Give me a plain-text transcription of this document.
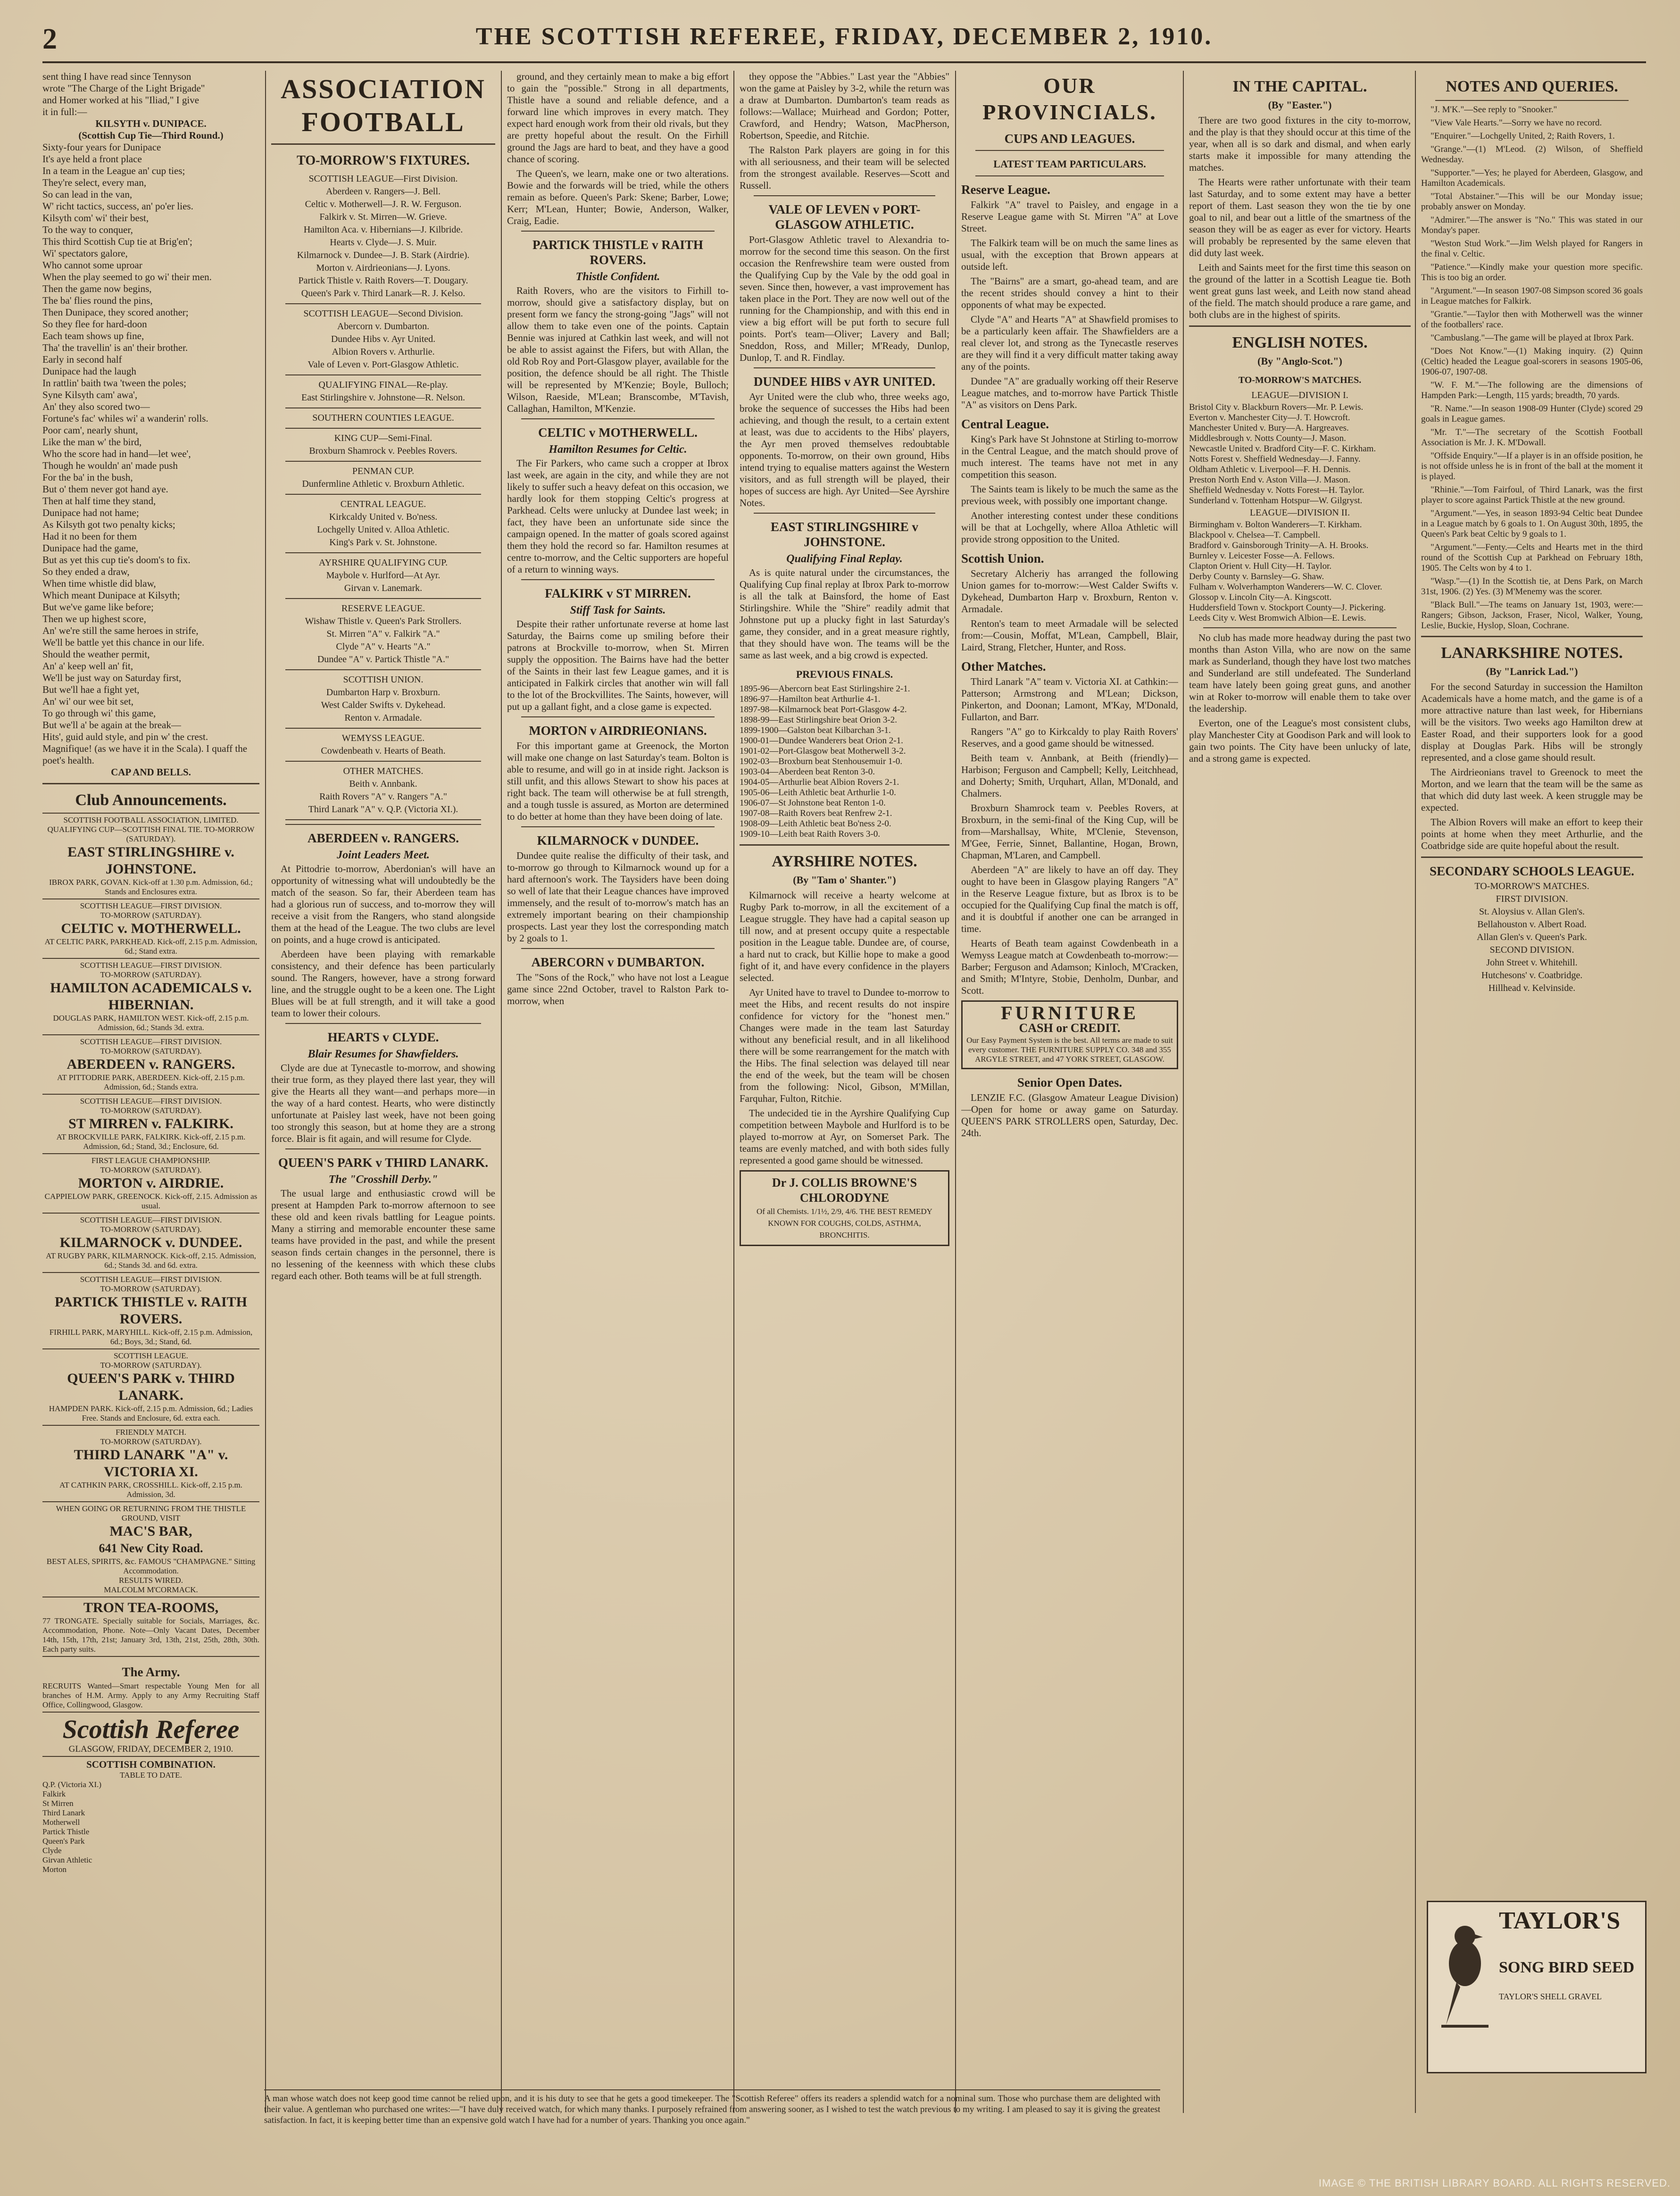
2	THE SCOTTISH REFEREE, FRIDAY, DECEMBER 2, 1910.

sent thing I have read since Tennyson

wrote "The Charge of the Light Brigade"

and Homer worked at his "Iliad," I give

it in full:—

KILSYTH v. DUNIPACE.

(Scottish Cup Tie—Third Round.)

Sixty-four years for Dunipace

It's aye held a front place

In a team in the League an' cup ties;

They're select, every man,

So can lead in the van,

W' richt tactics, success, an' po'er lies.

Kilsyth com' wi' their best,

To the way to conquer,

This third Scottish Cup tie at Brig'en';

Wi' spectators galore,

Who cannot some uproar

When the play seemed to go wi' their men.

Then the game now begins,

The ba' flies round the pins,

Then Dunipace, they scored another;

So they flee for hard-doon

Each team shows up fine,

Tha' the travellin' is an' their brother.

Early in second half

Dunipace had the laugh

In rattlin' baith twa 'tween the poles;

Syne Kilsyth cam' awa',

An' they also scored two—

Fortune's fac' whiles wi' a wanderin' rolls.

Poor cam', nearly shunt,

Like the man w' the bird,

Who the score had in hand—let wee',

Though he wouldn' an' made push

For the ba' in the bush,

But o' them never got hand aye.

Then at half time they stand,

Dunipace had not hame;

As Kilsyth got two penalty kicks;

Had it no been for them

Dunipace had the game,

But as yet this cup tie's doom's to fix.

So they ended a draw,

When time whistle did blaw,

Which meant Dunipace at Kilsyth;

But we've game like before;

Then we up highest score,

An' we're still the same heroes in strife,

We'll be battle yet this chance in our life.

Should the weather permit,

An' a' keep well an' fit,

We'll be just way on Saturday first,

But we'll hae a fight yet,

An' wi' our wee bit set,

To go through wi' this game,

But we'll a' be again at the break—

Hits', guid auld style, and pin w' the crest.

Magnifique! (as we have it in the Scala). I quaff the poet's health.

CAP AND BELLS.

Club Announcements.
SCOTTISH FOOTBALL ASSOCIATION, LIMITED.
QUALIFYING CUP—SCOTTISH FINAL TIE. TO-MORROW (SATURDAY).
EAST STIRLINGSHIRE v. JOHNSTONE.
IBROX PARK, GOVAN. Kick-off at 1.30 p.m. Admission, 6d.; Stands and Enclosures extra.
SCOTTISH LEAGUE—FIRST DIVISION.
TO-MORROW (SATURDAY).
CELTIC v. MOTHERWELL.
AT CELTIC PARK, PARKHEAD. Kick-off, 2.15 p.m. Admission, 6d.; Stand extra.
SCOTTISH LEAGUE—FIRST DIVISION.
TO-MORROW (SATURDAY).
HAMILTON ACADEMICALS v. HIBERNIAN.
DOUGLAS PARK, HAMILTON WEST. Kick-off, 2.15 p.m. Admission, 6d.; Stands 3d. extra.
SCOTTISH LEAGUE—FIRST DIVISION.
TO-MORROW (SATURDAY).
ABERDEEN v. RANGERS.
AT PITTODRIE PARK, ABERDEEN. Kick-off, 2.15 p.m. Admission, 6d.; Stands extra.
SCOTTISH LEAGUE—FIRST DIVISION.
TO-MORROW (SATURDAY).
ST MIRREN v. FALKIRK.
AT BROCKVILLE PARK, FALKIRK. Kick-off, 2.15 p.m. Admission, 6d.; Stand, 3d.; Enclosure, 6d.
FIRST LEAGUE CHAMPIONSHIP.
TO-MORROW (SATURDAY).
MORTON v. AIRDRIE.
CAPPIELOW PARK, GREENOCK. Kick-off, 2.15. Admission as usual.
SCOTTISH LEAGUE—FIRST DIVISION.
TO-MORROW (SATURDAY).
KILMARNOCK v. DUNDEE.
AT RUGBY PARK, KILMARNOCK. Kick-off, 2.15. Admission, 6d.; Stands 3d. and 6d. extra.
SCOTTISH LEAGUE—FIRST DIVISION.
TO-MORROW (SATURDAY).
PARTICK THISTLE v. RAITH ROVERS.
FIRHILL PARK, MARYHILL. Kick-off, 2.15 p.m. Admission, 6d.; Boys, 3d.; Stand, 6d.
SCOTTISH LEAGUE.
TO-MORROW (SATURDAY).
QUEEN'S PARK v. THIRD LANARK.
HAMPDEN PARK. Kick-off, 2.15 p.m. Admission, 6d.; Ladies Free. Stands and Enclosure, 6d. extra each.
FRIENDLY MATCH.
TO-MORROW (SATURDAY).
THIRD LANARK "A" v. VICTORIA XI.
AT CATHKIN PARK, CROSSHILL. Kick-off, 2.15 p.m. Admission, 3d.
WHEN GOING OR RETURNING FROM THE THISTLE GROUND, VISIT
MAC'S BAR,
641 New City Road.
BEST ALES, SPIRITS, &c. FAMOUS "CHAMPAGNE." Sitting Accommodation.
RESULTS WIRED.
MALCOLM M'CORMACK.
TRON TEA-ROOMS,
77 TRONGATE. Specially suitable for Socials, Marriages, &c. Accommodation, Phone. Note—Only Vacant Dates, December 14th, 15th, 17th, 21st; January 3rd, 13th, 21st, 25th, 28th, 30th. Each party suits.
The Army.
RECRUITS Wanted—Smart respectable Young Men for all branches of H.M. Army. Apply to any Army Recruiting Staff Office, Collingwood, Glasgow.
Scottish Referee
GLASGOW, FRIDAY, DECEMBER 2, 1910.
SCOTTISH COMBINATION.
TABLE TO DATE.
Q.P. (Victoria XI.)
Falkirk
St Mirren
Third Lanark
Motherwell
Partick Thistle
Queen's Park
Clyde
Girvan Athletic
Morton
ASSOCIATION FOOTBALL
TO-MORROW'S FIXTURES.
SCOTTISH LEAGUE—First Division.
Aberdeen v. Rangers—J. Bell.
Celtic v. Motherwell—J. R. W. Ferguson.
Falkirk v. St. Mirren—W. Grieve.
Hamilton Aca. v. Hibernians—J. Kilbride.
Hearts v. Clyde—J. S. Muir.
Kilmarnock v. Dundee—J. B. Stark (Airdrie).
Morton v. Airdrieonians—J. Lyons.
Partick Thistle v. Raith Rovers—T. Dougary.
Queen's Park v. Third Lanark—R. J. Kelso.
SCOTTISH LEAGUE—Second Division.
Abercorn v. Dumbarton.
Dundee Hibs v. Ayr United.
Albion Rovers v. Arthurlie.
Vale of Leven v. Port-Glasgow Athletic.
QUALIFYING FINAL—Re-play.
East Stirlingshire v. Johnstone—R. Nelson.
SOUTHERN COUNTIES LEAGUE.
KING CUP—Semi-Final.
Broxburn Shamrock v. Peebles Rovers.
PENMAN CUP.
Dunfermline Athletic v. Broxburn Athletic.
CENTRAL LEAGUE.
Kirkcaldy United v. Bo'ness.
Lochgelly United v. Alloa Athletic.
King's Park v. St. Johnstone.
AYRSHIRE QUALIFYING CUP.
Maybole v. Hurlford—At Ayr.
Girvan v. Lanemark.
RESERVE LEAGUE.
Wishaw Thistle v. Queen's Park Strollers.
St. Mirren "A" v. Falkirk "A."
Clyde "A" v. Hearts "A."
Dundee "A" v. Partick Thistle "A."
SCOTTISH UNION.
Dumbarton Harp v. Broxburn.
West Calder Swifts v. Dykehead.
Renton v. Armadale.
WEMYSS LEAGUE.
Cowdenbeath v. Hearts of Beath.
OTHER MATCHES.
Beith v. Annbank.
Raith Rovers "A" v. Rangers "A."
Third Lanark "A" v. Q.P. (Victoria XI.).
ABERDEEN v. RANGERS.
Joint Leaders Meet.

At Pittodrie to-morrow, Aberdonian's will have an opportunity of witnessing what will undoubtedly be the match of the season. So far, their Aberdeen team has had a glorious run of success, and to-morrow they will receive a visit from the Rangers, who stand alongside them at the head of the League. The two clubs are level on points, and a huge crowd is anticipated.

Aberdeen have been playing with remarkable consistency, and their defence has been particularly sound. The Rangers, however, have a strong forward line, and the struggle ought to be a keen one. The Light Blues will be at full strength, and it will take a good team to lower their colours.

HEARTS v CLYDE.
Blair Resumes for Shawfielders.

Clyde are due at Tynecastle to-morrow, and showing their true form, as they played there last year, they will give the Hearts all they want—and perhaps more—in the way of a hard contest. Hearts, who were distinctly unfortunate at Paisley last week, have not been going too strongly this season, but at home they are a strong force. Blair is fit again, and will resume for Clyde.

QUEEN'S PARK v THIRD LANARK.
The "Crosshill Derby."

The usual large and enthusiastic crowd will be present at Hampden Park to-morrow afternoon to see these old and keen rivals battling for League points. Many a stirring and memorable encounter these same teams have provided in the past, and while the present season finds certain changes in the personnel, there is no lessening of the keenness with which these clubs regard each other. Both teams will be at full strength.

ground, and they certainly mean to make a big effort to gain the "possible." Strong in all departments, Thistle have a sound and reliable defence, and a forward line which improves in every match. They expect hard enough work from their old rivals, but they are pretty hopeful about the result. On the Firhill ground the Jags are hard to beat, and they have a good chance of scoring.

The Queen's, we learn, make one or two alterations. Bowie and the forwards will be tried, while the others remain as before. Queen's Park: Skene; Barber, Lowe; Kerr; M'Lean, Hunter; Bowie, Anderson, Walker, Craig, Eadie.

PARTICK THISTLE v RAITH ROVERS.
Thistle Confident.

Raith Rovers, who are the visitors to Firhill to-morrow, should give a satisfactory display, but on present form we fancy the strong-going "Jags" will not allow them to take even one of the points. Captain Bennie was injured at Cathkin last week, and will not be able to assist against the Fifers, but with Allan, the old Rob Roy and Port-Glasgow player, available for the position, the defence should be all right. The Thistle will be represented by M'Kenzie; Boyle, Bulloch; Wilson, Raeside, M'Lean; Branscombe, M'Tavish, Callaghan, Hamilton, M'Kenzie.

CELTIC v MOTHERWELL.
Hamilton Resumes for Celtic.

The Fir Parkers, who came such a cropper at Ibrox last week, are again in the city, and while they are not likely to suffer such a heavy defeat on this occasion, we hardly look for them stopping Celtic's progress at Parkhead. Celts were unlucky at Dundee last week; in fact, they have been an unfortunate side since the campaign opened. In the matter of goals scored against them they hold the record so far. Hamilton resumes at centre to-morrow, and the Celtic supporters are hopeful of a return to winning ways.

FALKIRK v ST MIRREN.
Stiff Task for Saints.

Despite their rather unfortunate reverse at home last Saturday, the Bairns come up smiling before their patrons at Brockville to-morrow, when St. Mirren supply the opposition. The Bairns have had the better of the Saints in their last few League games, and it is anticipated in Falkirk circles that another win will fall to the lot of the Brockvillites. The Saints, however, will put up a gallant fight, and a close game is expected.

MORTON v AIRDRIEONIANS.

For this important game at Greenock, the Morton will make one change on last Saturday's team. Bolton is able to resume, and will go in at inside right. Jackson is still unfit, and this allows Stewart to show his paces at right back. The team will otherwise be at full strength, and a tough tussle is assured, as Morton are determined to do better at home than they have been doing of late.

KILMARNOCK v DUNDEE.

Dundee quite realise the difficulty of their task, and to-morrow go through to Kilmarnock wound up for a hard afternoon's work. The Taysiders have been doing so well of late that their League chances have improved immensely, and the result of to-morrow's match has an extremely important bearing on their championship prospects. Last year they lost the corresponding match by 2 goals to 1.

ABERCORN v DUMBARTON.

The "Sons of the Rock," who have not lost a League game since 22nd October, travel to Ralston Park to-morrow, when

they oppose the "Abbies." Last year the "Abbies" won the game at Paisley by 3-2, while the return was a draw at Dumbarton. Dumbarton's team reads as follows:—Wallace; Muirhead and Gordon; Potter, Crawford, and Hendry; Watson, MacPherson, Robertson, Speedie, and Ritchie.

The Ralston Park players are going in for this with all seriousness, and their team will be selected from the strongest available. Reserves—Scott and Russell.

VALE OF LEVEN v PORT-GLASGOW ATHLETIC.

Port-Glasgow Athletic travel to Alexandria to-morrow for the second time this season. On the first occasion the Renfrewshire team were ousted from the Qualifying Cup by the Vale by the odd goal in seven. Since then, however, a vast improvement has taken place in the Port. They are now well out of the running for the Championship, and with this end in view a big effort will be put forth to secure full points. Port's team—Oliver; Lavery and Ball; Sneddon, Ross, and Miller; M'Ready, Dunlop, Dunlop, T. and R. Findlay.

DUNDEE HIBS v AYR UNITED.

Ayr United were the club who, three weeks ago, broke the sequence of successes the Hibs had been achieving, and though the result, to a certain extent at least, was due to accidents to the Hibs' players, the Ayr men proved themselves redoubtable opponents. To-morrow, on their own ground, Hibs intend trying to equalise matters against the Western visitors, and as full strength will be played, their hopes of success are high. Ayr United—See Ayrshire Notes.

EAST STIRLINGSHIRE v JOHNSTONE.
Qualifying Final Replay.

As is quite natural under the circumstances, the Qualifying Cup final replay at Ibrox Park to-morrow is all the talk at Bainsford, the home of East Stirlingshire. While the "Shire" readily admit that Johnstone put up a plucky fight in last Saturday's game, they consider, and in a great measure rightly, that they should have won. The teams will be the same as last week, and a big crowd is expected.

PREVIOUS FINALS.
1895-96—Abercorn beat East Stirlingshire 2-1.
1896-97—Hamilton beat Arthurlie 4-1.
1897-98—Kilmarnock beat Port-Glasgow 4-2.
1898-99—East Stirlingshire beat Orion 3-2.
1899-1900—Galston beat Kilbarchan 3-1.
1900-01—Dundee Wanderers beat Orion 2-1.
1901-02—Port-Glasgow beat Motherwell 3-2.
1902-03—Broxburn beat Stenhousemuir 1-0.
1903-04—Aberdeen beat Renton 3-0.
1904-05—Arthurlie beat Albion Rovers 2-1.
1905-06—Leith Athletic beat Arthurlie 1-0.
1906-07—St Johnstone beat Renton 1-0.
1907-08—Raith Rovers beat Renfrew 2-1.
1908-09—Leith Athletic beat Bo'ness 2-0.
1909-10—Leith beat Raith Rovers 3-0.
AYRSHIRE NOTES.
(By "Tam o' Shanter.")

Kilmarnock will receive a hearty welcome at Rugby Park to-morrow, in all the excitement of a League struggle. They have had a capital season up till now, and at present occupy quite a respectable position in the League table. Dundee are, of course, a hard nut to crack, but Killie hope to make a good fight of it, and have every confidence in the players selected.

Ayr United have to travel to Dundee to-morrow to meet the Hibs, and recent results do not inspire confidence for victory for the "honest men." Changes were made in the team last Saturday without any beneficial result, and in all likelihood there will be some rearrangement for the match with the Hibs. The final selection was delayed till near the end of the week, but the team will be chosen from the following: Nicol, Gibson, M'Millan, Farquhar, Fulton, Ritchie.

The undecided tie in the Ayrshire Qualifying Cup competition between Maybole and Hurlford is to be played to-morrow at Ayr, on Somerset Park. The teams are evenly matched, and with both sides fully represented a good game should be witnessed.

Dr J. COLLIS BROWNE'S CHLORODYNE
Of all Chemists. 1/1½, 2/9, 4/6. THE BEST REMEDY KNOWN FOR COUGHS, COLDS, ASTHMA, BRONCHITIS.
OUR PROVINCIALS.
CUPS AND LEAGUES.
LATEST TEAM PARTICULARS.
Reserve League.

Falkirk "A" travel to Paisley, and engage in a Reserve League game with St. Mirren "A" at Love Street.

The Falkirk team will be on much the same lines as usual, with the exception that Brown appears at outside left.

The "Bairns" are a smart, go-ahead team, and are the recent strides should convey a hint to their opponents of what may be expected.

Clyde "A" and Hearts "A" at Shawfield promises to be a particularly keen affair. The Shawfielders are a real clever lot, and strong as the Tynecastle reserves are they will find it a very difficult matter taking away any of the points.

Dundee "A" are gradually working off their Reserve League matches, and to-morrow have Partick Thistle "A" as visitors on Dens Park.

Central League.

King's Park have St Johnstone at Stirling to-morrow in the Central League, and the match should prove of much interest. The teams have not met in any competition this season.

The Saints team is likely to be much the same as the previous week, with possibly one important change.

Another interesting contest under these conditions will be that at Lochgelly, where Alloa Athletic will provide strong opposition to the United.

Scottish Union.

Secretary Alcheriy has arranged the following Union games for to-morrow:—West Calder Swifts v. Dykehead, Dumbarton Harp v. Broxburn, Renton v. Armadale.

Renton's team to meet Armadale will be selected from:—Cousin, Moffat, M'Lean, Campbell, Blair, Laird, Strang, Fletcher, Hunter, and Ross.

Other Matches.

Third Lanark "A" team v. Victoria XI. at Cathkin:—Patterson; Armstrong and M'Lean; Dickson, Pinkerton, and Doonan; Lamont, M'Kay, M'Donald, Fullarton, and Barr.

Rangers "A" go to Kirkcaldy to play Raith Rovers' Reserves, and a good game should be witnessed.

Beith team v. Annbank, at Beith (friendly)—Harbison; Ferguson and Campbell; Kelly, Leitchhead, and Doherty; Smith, Urquhart, Allan, M'Donald, and Chalmers.

Broxburn Shamrock team v. Peebles Rovers, at Broxburn, in the semi-final of the King Cup, will be from—Marshallsay, White, M'Clenie, Stevenson, M'Gee, Ferrie, Sinnet, Ballantine, Hogan, Brown, Chapman, M'Laren, and Campbell.

Aberdeen "A" are likely to have an off day. They ought to have been in Glasgow playing Rangers "A" in the Reserve League fixture, but as Ibrox is to be occupied for the Qualifying Cup final the match is off, and it is doubtful if another one can be arranged in time.

Hearts of Beath team against Cowdenbeath in a Wemyss League match at Cowdenbeath to-morrow:—Barber; Ferguson and Adamson; Kinloch, M'Cracken, and Smith; M'Intyre, Stobie, Denholm, Dunbar, and Scott.

FURNITURE
CASH or CREDIT.
Our Easy Payment System is the best. All terms are made to suit every customer. THE FURNITURE SUPPLY CO. 348 and 355 ARGYLE STREET, and 47 YORK STREET, GLASGOW.
Senior Open Dates.

LENZIE F.C. (Glasgow Amateur League Division)—Open for home or away game on Saturday. QUEEN'S PARK STROLLERS open, Saturday, Dec. 24th.

IN THE CAPITAL.
(By "Easter.")

There are two good fixtures in the city to-morrow, and the play is that they should occur at this time of the year, when all is so dark and dismal, and when early starts make it impossible for many attending the matches.

The Hearts were rather unfortunate with their team last Saturday, and to some extent may have a better report of them. Last season they won the tie by one goal to nil, and bear out a little of the smartness of the season they will be as eager as ever for victory. Hearts will probably be represented by the same eleven that did duty last week.

Leith and Saints meet for the first time this season on the ground of the latter in a Scottish League tie. Both went great guns last week, and Leith now stand ahead of the field. The match should produce a rare game, and both clubs are in the highest of spirits.

ENGLISH NOTES.
(By "Anglo-Scot.")
TO-MORROW'S MATCHES.
LEAGUE—DIVISION I.
Bristol City v. Blackburn Rovers—Mr. P. Lewis.
Everton v. Manchester City—J. T. Howcroft.
Manchester United v. Bury—A. Hargreaves.
Middlesbrough v. Notts County—J. Mason.
Newcastle United v. Bradford City—F. C. Kirkham.
Notts Forest v. Sheffield Wednesday—J. Fanny.
Oldham Athletic v. Liverpool—F. H. Dennis.
Preston North End v. Aston Villa—J. Mason.
Sheffield Wednesday v. Notts Forest—H. Taylor.
Sunderland v. Tottenham Hotspur—W. Gilgryst.
LEAGUE—DIVISION II.
Birmingham v. Bolton Wanderers—T. Kirkham.
Blackpool v. Chelsea—T. Campbell.
Bradford v. Gainsborough Trinity—A. H. Brooks.
Burnley v. Leicester Fosse—A. Fellows.
Clapton Orient v. Hull City—H. Taylor.
Derby County v. Barnsley—G. Shaw.
Fulham v. Wolverhampton Wanderers—W. C. Clover.
Glossop v. Lincoln City—A. Kingscott.
Huddersfield Town v. Stockport County—J. Pickering.
Leeds City v. West Bromwich Albion—E. Lewis.

No club has made more headway during the past two months than Aston Villa, who are now on the same mark as Sunderland, though they have lost two matches and Sunderland are still undefeated. The Sunderland team have lately been going great guns, and another win at Roker to-morrow will enable them to take over the leadership.

Everton, one of the League's most consistent clubs, play Manchester City at Goodison Park and will look to gain two points. The City have been unlucky of late, and a strong game is expected.

NOTES AND QUERIES.

"J. M'K."—See reply to "Snooker."

"View Vale Hearts."—Sorry we have no record.

"Enquirer."—Lochgelly United, 2; Raith Rovers, 1.

"Grange."—(1) M'Leod. (2) Wilson, of Sheffield Wednesday.

"Supporter."—Yes; he played for Aberdeen, Glasgow, and Hamilton Academicals.

"Total Abstainer."—This will be our Monday issue; probably answer on Monday.

"Admirer."—The answer is "No." This was stated in our Monday's paper.

"Weston Stud Work."—Jim Welsh played for Rangers in the final v. Celtic.

"Patience."—Kindly make your question more specific. This is too big an order.

"Argument."—In season 1907-08 Simpson scored 36 goals in League matches for Falkirk.

"Grantie."—Taylor then with Motherwell was the winner of the footballers' race.

"Cambuslang."—The game will be played at Ibrox Park.

"Does Not Know."—(1) Making inquiry. (2) Quinn (Celtic) headed the League goal-scorers in seasons 1905-06, 1906-07, 1907-08.

"W. F. M."—The following are the dimensions of Hampden Park:—Length, 115 yards; breadth, 70 yards.

"R. Name."—In season 1908-09 Hunter (Clyde) scored 29 goals in League games.

"Mr. T."—The secretary of the Scottish Football Association is Mr. J. K. M'Dowall.

"Offside Enquiry."—If a player is in an offside position, he is not offside unless he is in front of the ball at the moment it is played.

"Rhinie."—Tom Fairfoul, of Third Lanark, was the first player to score against Partick Thistle at the new ground.

"Argument."—Yes, in season 1893-94 Celtic beat Dundee in a League match by 6 goals to 1. On August 30th, 1895, the Queen's Park beat Celtic by 9 goals to 1.

"Argument."—Fenty.—Celts and Hearts met in the third round of the Scottish Cup at Parkhead on February 18th, 1905. The Celts won by 4 to 1.

"Wasp."—(1) In the Scottish tie, at Dens Park, on March 31st, 1906. (2) Yes. (3) M'Menemy was the scorer.

"Black Bull."—The teams on January 1st, 1903, were:—Rangers; Gibson, Jackson, Fraser, Nicol, Walker, Young, Leslie, Buckie, Hyslop, Sloan, Cochrane.

LANARKSHIRE NOTES.
(By "Lanrick Lad.")

For the second Saturday in succession the Hamilton Academicals have a home match, and the game is of a more attractive nature than last week, for Hibernians will be the visitors. Two weeks ago Hamilton drew at Easter Road, and their supporters look for a good display at Douglas Park. Hibs will be strongly represented, and a close game should result.

The Airdrieonians travel to Greenock to meet the Morton, and we learn that the team will be the same as that which did duty last week. A keen struggle may be expected.

The Albion Rovers will make an effort to keep their points at home when they meet Arthurlie, and the Coatbridge side are quite hopeful about the result.

SECONDARY SCHOOLS LEAGUE.
TO-MORROW'S MATCHES.
FIRST DIVISION.
St. Aloysius v. Allan Glen's.
Bellahouston v. Albert Road.
Allan Glen's v. Queen's Park.
SECOND DIVISION.
John Street v. Whitehill.
Hutchesons' v. Coatbridge.
Hillhead v. Kelvinside.
TAYLOR'S
SONG BIRD SEED
TAYLOR'S SHELL GRAVEL
A man whose watch does not keep good time cannot be relied upon, and it is his duty to see that he gets a good timekeeper. The "Scottish Referee" offers its readers a splendid watch for a nominal sum. Those who purchase them are delighted with their value. A gentleman who purchased one writes:—"I have duly received watch, for which many thanks. I purposely refrained from answering sooner, as I wished to test the watch previous to my writing. I am pleased to say it is giving the greatest satisfaction. In fact, it is keeping better time than an expensive gold watch I have had for a number of years. Thanking you once again."
IMAGE © THE BRITISH LIBRARY BOARD. ALL RIGHTS RESERVED.
